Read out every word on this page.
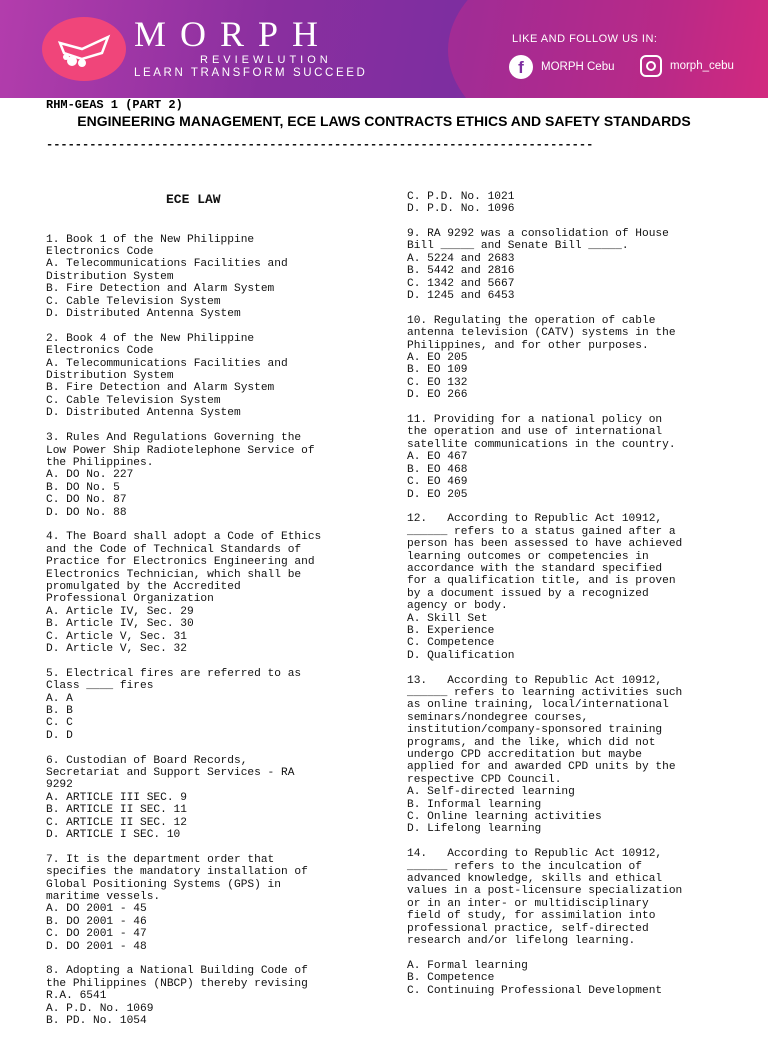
MORPH
REVIEWLUTION
LEARN TRANSFORM SUCCEED
LIKE AND FOLLOW US IN:
f	MORPH Cebu	morph_cebu
RHM-GEAS 1 (PART 2)
ENGINEERING MANAGEMENT, ECE LAWS CONTRACTS ETHICS AND SAFETY STANDARDS
----------------------------------------------------------------------------

ECE LAW

1. Book 1 of the New Philippine
Electronics Code
A. Telecommunications Facilities and
Distribution System
B. Fire Detection and Alarm System
C. Cable Television System
D. Distributed Antenna System
2. Book 4 of the New Philippine
Electronics Code
A. Telecommunications Facilities and
Distribution System
B. Fire Detection and Alarm System
C. Cable Television System
D. Distributed Antenna System
3. Rules And Regulations Governing the
Low Power Ship Radiotelephone Service of
the Philippines.
A. DO No. 227
B. DO No. 5
C. DO No. 87
D. DO No. 88
4. The Board shall adopt a Code of Ethics
and the Code of Technical Standards of
Practice for Electronics Engineering and
Electronics Technician, which shall be
promulgated by the Accredited
Professional Organization
A. Article IV, Sec. 29
B. Article IV, Sec. 30
C. Article V, Sec. 31
D. Article V, Sec. 32
5. Electrical fires are referred to as
Class ____ fires
A. A
B. B
C. C
D. D
6. Custodian of Board Records,
Secretariat and Support Services - RA
9292
A. ARTICLE III SEC. 9
B. ARTICLE II SEC. 11
C. ARTICLE II SEC. 12
D. ARTICLE I SEC. 10
7. It is the department order that
specifies the mandatory installation of
Global Positioning Systems (GPS) in
maritime vessels.
A. DO 2001 - 45
B. DO 2001 - 46
C. DO 2001 - 47
D. DO 2001 - 48
8. Adopting a National Building Code of
the Philippines (NBCP) thereby revising
R.A. 6541
A. P.D. No. 1069
B. PD. No. 1054

C. P.D. No. 1021
D. P.D. No. 1096
9. RA 9292 was a consolidation of House
Bill _____ and Senate Bill _____.
A. 5224 and 2683
B. 5442 and 2816
C. 1342 and 5667
D. 1245 and 6453
10. Regulating the operation of cable
antenna television (CATV) systems in the
Philippines, and for other purposes.
A. EO 205
B. EO 109
C. EO 132
D. EO 266
11. Providing for a national policy on
the operation and use of international
satellite communications in the country.
A. EO 467
B. EO 468
C. EO 469
D. EO 205
12.   According to Republic Act 10912,
______ refers to a status gained after a
person has been assessed to have achieved
learning outcomes or competencies in
accordance with the standard specified
for a qualification title, and is proven
by a document issued by a recognized
agency or body.
A. Skill Set
B. Experience
C. Competence
D. Qualification
13.   According to Republic Act 10912,
______ refers to learning activities such
as online training, local/international
seminars/nondegree courses,
institution/company-sponsored training
programs, and the like, which did not
undergo CPD accreditation but maybe
applied for and awarded CPD units by the
respective CPD Council.
A. Self-directed learning
B. Informal learning
C. Online learning activities
D. Lifelong learning
14.   According to Republic Act 10912,
______ refers to the inculcation of
advanced knowledge, skills and ethical
values in a post-licensure specialization
or in an inter- or multidisciplinary
field of study, for assimilation into
professional practice, self-directed
research and/or lifelong learning.

A. Formal learning
B. Competence
C. Continuing Professional Development
